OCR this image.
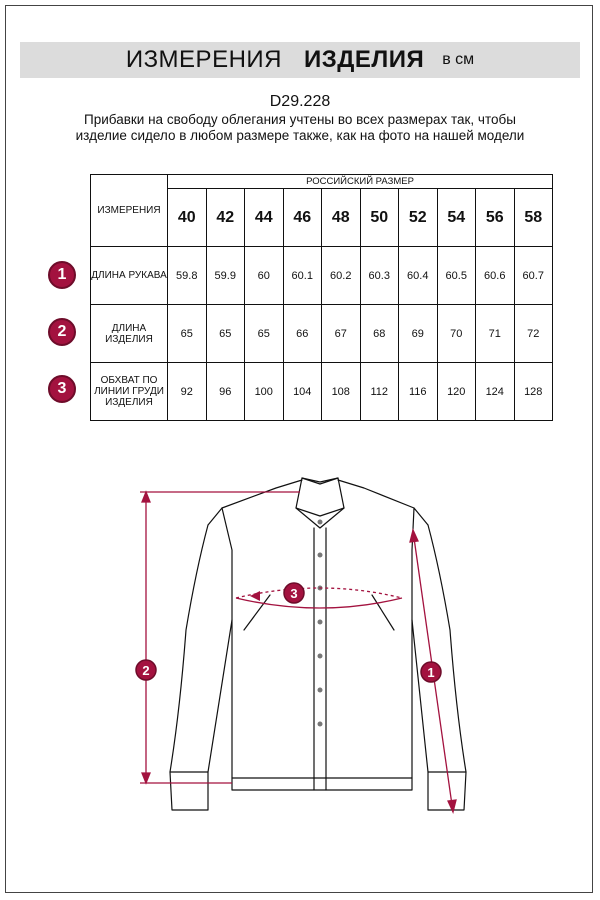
ИЗМЕРЕНИЯ ИЗДЕЛИЯ в см
D29.228
Прибавки на свободу облегания учтены во всех размерах так, чтобы изделие сидело в любом размере также, как на фото на нашей модели
1
2
3
ИЗМЕРЕНИЯ	РОССИЙСКИЙ РАЗМЕР									
	40	42	44	46	48	50	52	54	56	58
ДЛИНА РУКАВА	59.8	59.9	60	60.1	60.2	60.3	60.4	60.5	60.6	60.7
ДЛИНА ИЗДЕЛИЯ	65	65	65	66	67	68	69	70	71	72
ОБХВАТ ПО ЛИНИИ ГРУДИ ИЗДЕЛИЯ	92	96	100	104	108	112	116	120	124	128
2
3
1
